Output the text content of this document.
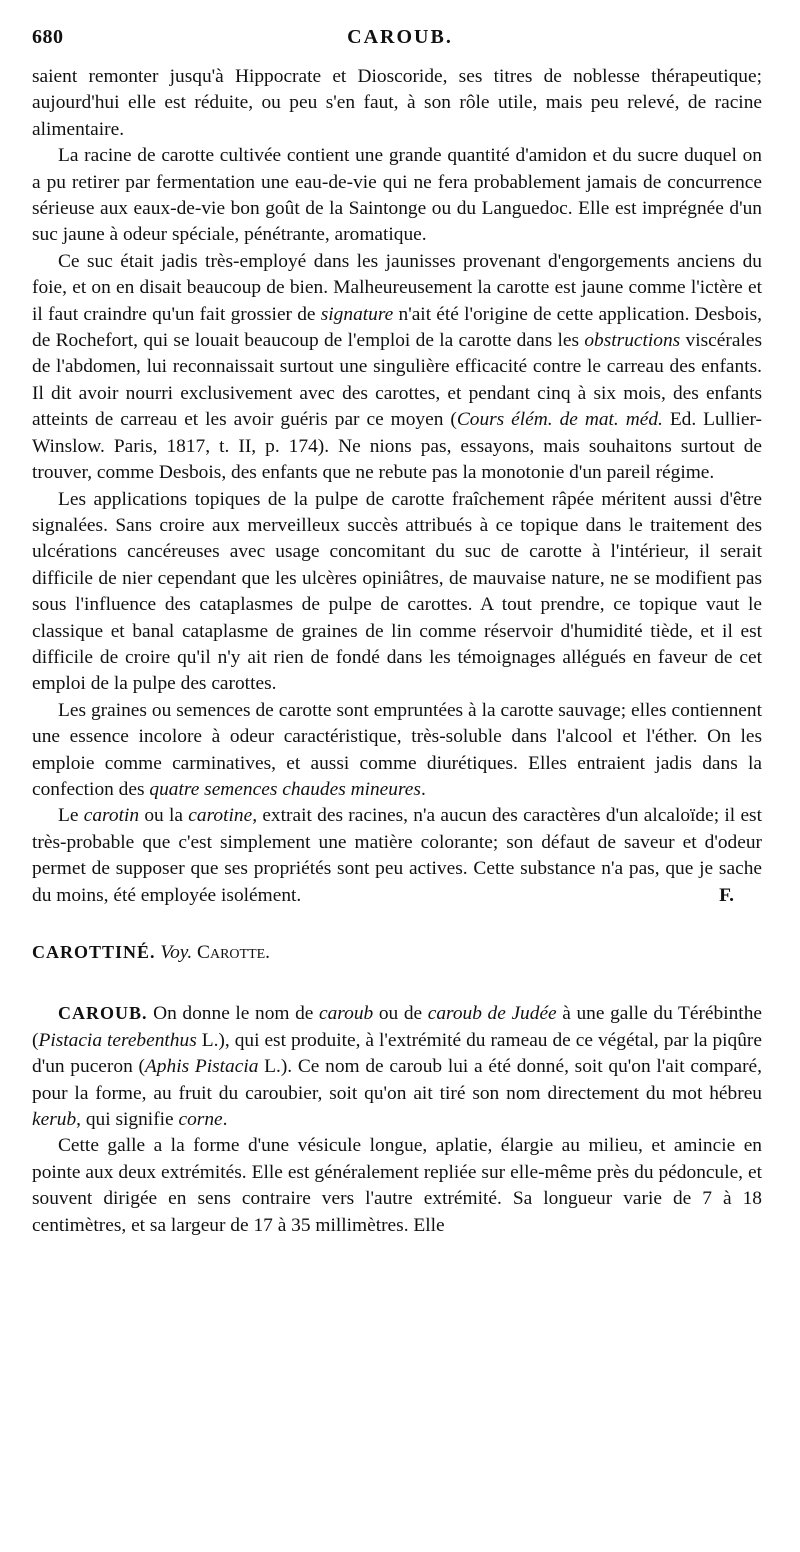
680	CAROUB.

saient remonter jusqu'à Hippocrate et Dioscoride, ses titres de noblesse thérapeutique; aujourd'hui elle est réduite, ou peu s'en faut, à son rôle utile, mais peu relevé, de racine alimentaire.

La racine de carotte cultivée contient une grande quantité d'amidon et du sucre duquel on a pu retirer par fermentation une eau-de-vie qui ne fera probablement jamais de concurrence sérieuse aux eaux-de-vie bon goût de la Saintonge ou du Languedoc. Elle est imprégnée d'un suc jaune à odeur spéciale, pénétrante, aromatique.

Ce suc était jadis très-employé dans les jaunisses provenant d'engorgements anciens du foie, et on en disait beaucoup de bien. Malheureusement la carotte est jaune comme l'ictère et il faut craindre qu'un fait grossier de signature n'ait été l'origine de cette application. Desbois, de Rochefort, qui se louait beaucoup de l'emploi de la carotte dans les obstructions viscérales de l'abdomen, lui reconnaissait surtout une singulière efficacité contre le carreau des enfants. Il dit avoir nourri exclusivement avec des carottes, et pendant cinq à six mois, des enfants atteints de carreau et les avoir guéris par ce moyen (Cours élém. de mat. méd. Ed. Lullier-Winslow. Paris, 1817, t. II, p. 174). Ne nions pas, essayons, mais souhaitons surtout de trouver, comme Desbois, des enfants que ne rebute pas la monotonie d'un pareil régime.

Les applications topiques de la pulpe de carotte fraîchement râpée méritent aussi d'être signalées. Sans croire aux merveilleux succès attribués à ce topique dans le traitement des ulcérations cancéreuses avec usage concomitant du suc de carotte à l'intérieur, il serait difficile de nier cependant que les ulcères opiniâtres, de mauvaise nature, ne se modifient pas sous l'influence des cataplasmes de pulpe de carottes. A tout prendre, ce topique vaut le classique et banal cataplasme de graines de lin comme réservoir d'humidité tiède, et il est difficile de croire qu'il n'y ait rien de fondé dans les témoignages allégués en faveur de cet emploi de la pulpe des carottes.

Les graines ou semences de carotte sont empruntées à la carotte sauvage; elles contiennent une essence incolore à odeur caractéristique, très-soluble dans l'alcool et l'éther. On les emploie comme carminatives, et aussi comme diurétiques. Elles entraient jadis dans la confection des quatre semences chaudes mineures.

Le carotin ou la carotine, extrait des racines, n'a aucun des caractères d'un alcaloïde; il est très-probable que c'est simplement une matière colorante; son défaut de saveur et d'odeur permet de supposer que ses propriétés sont peu actives. Cette substance n'a pas, que je sache du moins, été employée isolément.	F.

CAROTTINÉ. Voy. Carotte.

CAROUB. On donne le nom de caroub ou de caroub de Judée à une galle du Térébinthe (Pistacia terebenthus L.), qui est produite, à l'extrémité du rameau de ce végétal, par la piqûre d'un puceron (Aphis Pistacia L.). Ce nom de caroub lui a été donné, soit qu'on l'ait comparé, pour la forme, au fruit du caroubier, soit qu'on ait tiré son nom directement du mot hébreu kerub, qui signifie corne.

Cette galle a la forme d'une vésicule longue, aplatie, élargie au milieu, et amincie en pointe aux deux extrémités. Elle est généralement repliée sur elle-même près du pédoncule, et souvent dirigée en sens contraire vers l'autre extrémité. Sa longueur varie de 7 à 18 centimètres, et sa largeur de 17 à 35 millimètres. Elle
